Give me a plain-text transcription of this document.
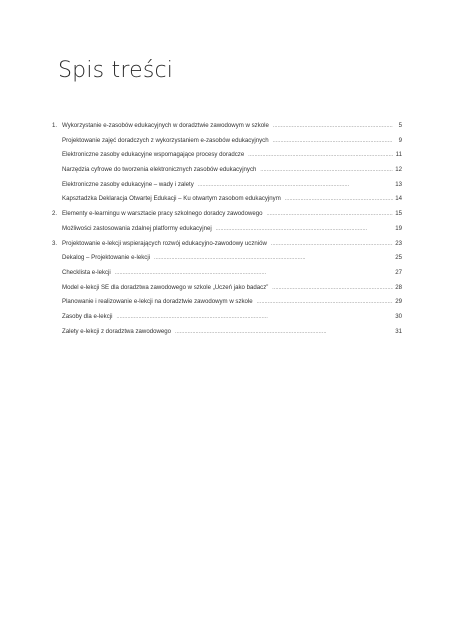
Spis treści
1. Wykorzystanie e-zasobów edukacyjnych w doradztwie zawodowym w szkole . . .	5
Projektowanie zajęć doradczych z wykorzystaniem e-zasobów edukacyjnych . . .	9
Elektroniczne zasoby edukacyjne wspomagające procesy doradcze . . .	11
Narzędzia cyfrowe do tworzenia elektronicznych zasobów edukacyjnych . . .	12
Elektroniczne zasoby edukacyjne – wady i zalety . . .	13
Kapsztadzka Deklaracja Otwartej Edukacji – Ku otwartym zasobom edukacyjnym . . .	14
2. Elementy e-learningu w warsztacie pracy szkolnego doradcy zawodowego . . .	15
Możliwości zastosowania zdalnej platformy edukacyjnej . . .	19
3. Projektowanie e-lekcji wspierających rozwój edukacyjno-zawodowy uczniów . . .	23
Dekalog – Projektowanie e-lekcji . . .	25
Checklista e-lekcji . . .	27
Model e-lekcji SE dla doradztwa zawodowego w szkole „Uczeń jako badacz” . . .	28
Planowanie i realizowanie e-lekcji na doradztwie zawodowym w szkole . . .	29
Zasoby dla e-lekcji . . .	30
Zalety e-lekcji z doradztwa zawodowego . . .	31
